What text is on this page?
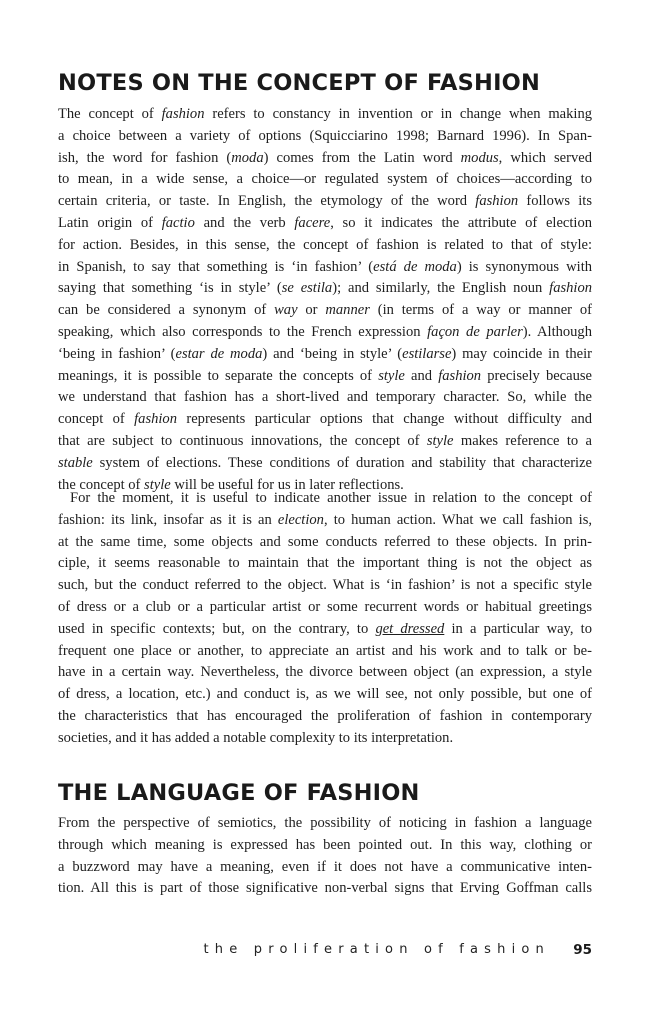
NOTES ON THE CONCEPT OF FASHION
The concept of fashion refers to constancy in invention or in change when making
a choice between a variety of options (Squicciarino 1998; Barnard 1996). In Span-
ish, the word for fashion (moda) comes from the Latin word modus, which served
to mean, in a wide sense, a choice—or regulated system of choices—according to
certain criteria, or taste. In English, the etymology of the word fashion follows its
Latin origin of factio and the verb facere, so it indicates the attribute of election
for action. Besides, in this sense, the concept of fashion is related to that of style:
in Spanish, to say that something is ‘in fashion’ (está de moda) is synonymous with
saying that something ‘is in style’ (se estila); and similarly, the English noun fashion
can be considered a synonym of way or manner (in terms of a way or manner of
speaking, which also corresponds to the French expression façon de parler). Although
‘being in fashion’ (estar de moda) and ‘being in style’ (estilarse) may coincide in their
meanings, it is possible to separate the concepts of style and fashion precisely because
we understand that fashion has a short-lived and temporary character. So, while the
concept of fashion represents particular options that change without difficulty and
that are subject to continuous innovations, the concept of style makes reference to a
stable system of elections. These conditions of duration and stability that characterize
the concept of style will be useful for us in later reflections.
For the moment, it is useful to indicate another issue in relation to the concept of
fashion: its link, insofar as it is an election, to human action. What we call fashion is,
at the same time, some objects and some conducts referred to these objects. In prin-
ciple, it seems reasonable to maintain that the important thing is not the object as
such, but the conduct referred to the object. What is ‘in fashion’ is not a specific style
of dress or a club or a particular artist or some recurrent words or habitual greetings
used in specific contexts; but, on the contrary, to get dressed in a particular way, to
frequent one place or another, to appreciate an artist and his work and to talk or be-
have in a certain way. Nevertheless, the divorce between object (an expression, a style
of dress, a location, etc.) and conduct is, as we will see, not only possible, but one of
the characteristics that has encouraged the proliferation of fashion in contemporary
societies, and it has added a notable complexity to its interpretation.
THE LANGUAGE OF FASHION
From the perspective of semiotics, the possibility of noticing in fashion a language
through which meaning is expressed has been pointed out. In this way, clothing or
a buzzword may have a meaning, even if it does not have a communicative inten-
tion. All this is part of those significative non-verbal signs that Erving Goffman calls
the proliferation of fashion 95
